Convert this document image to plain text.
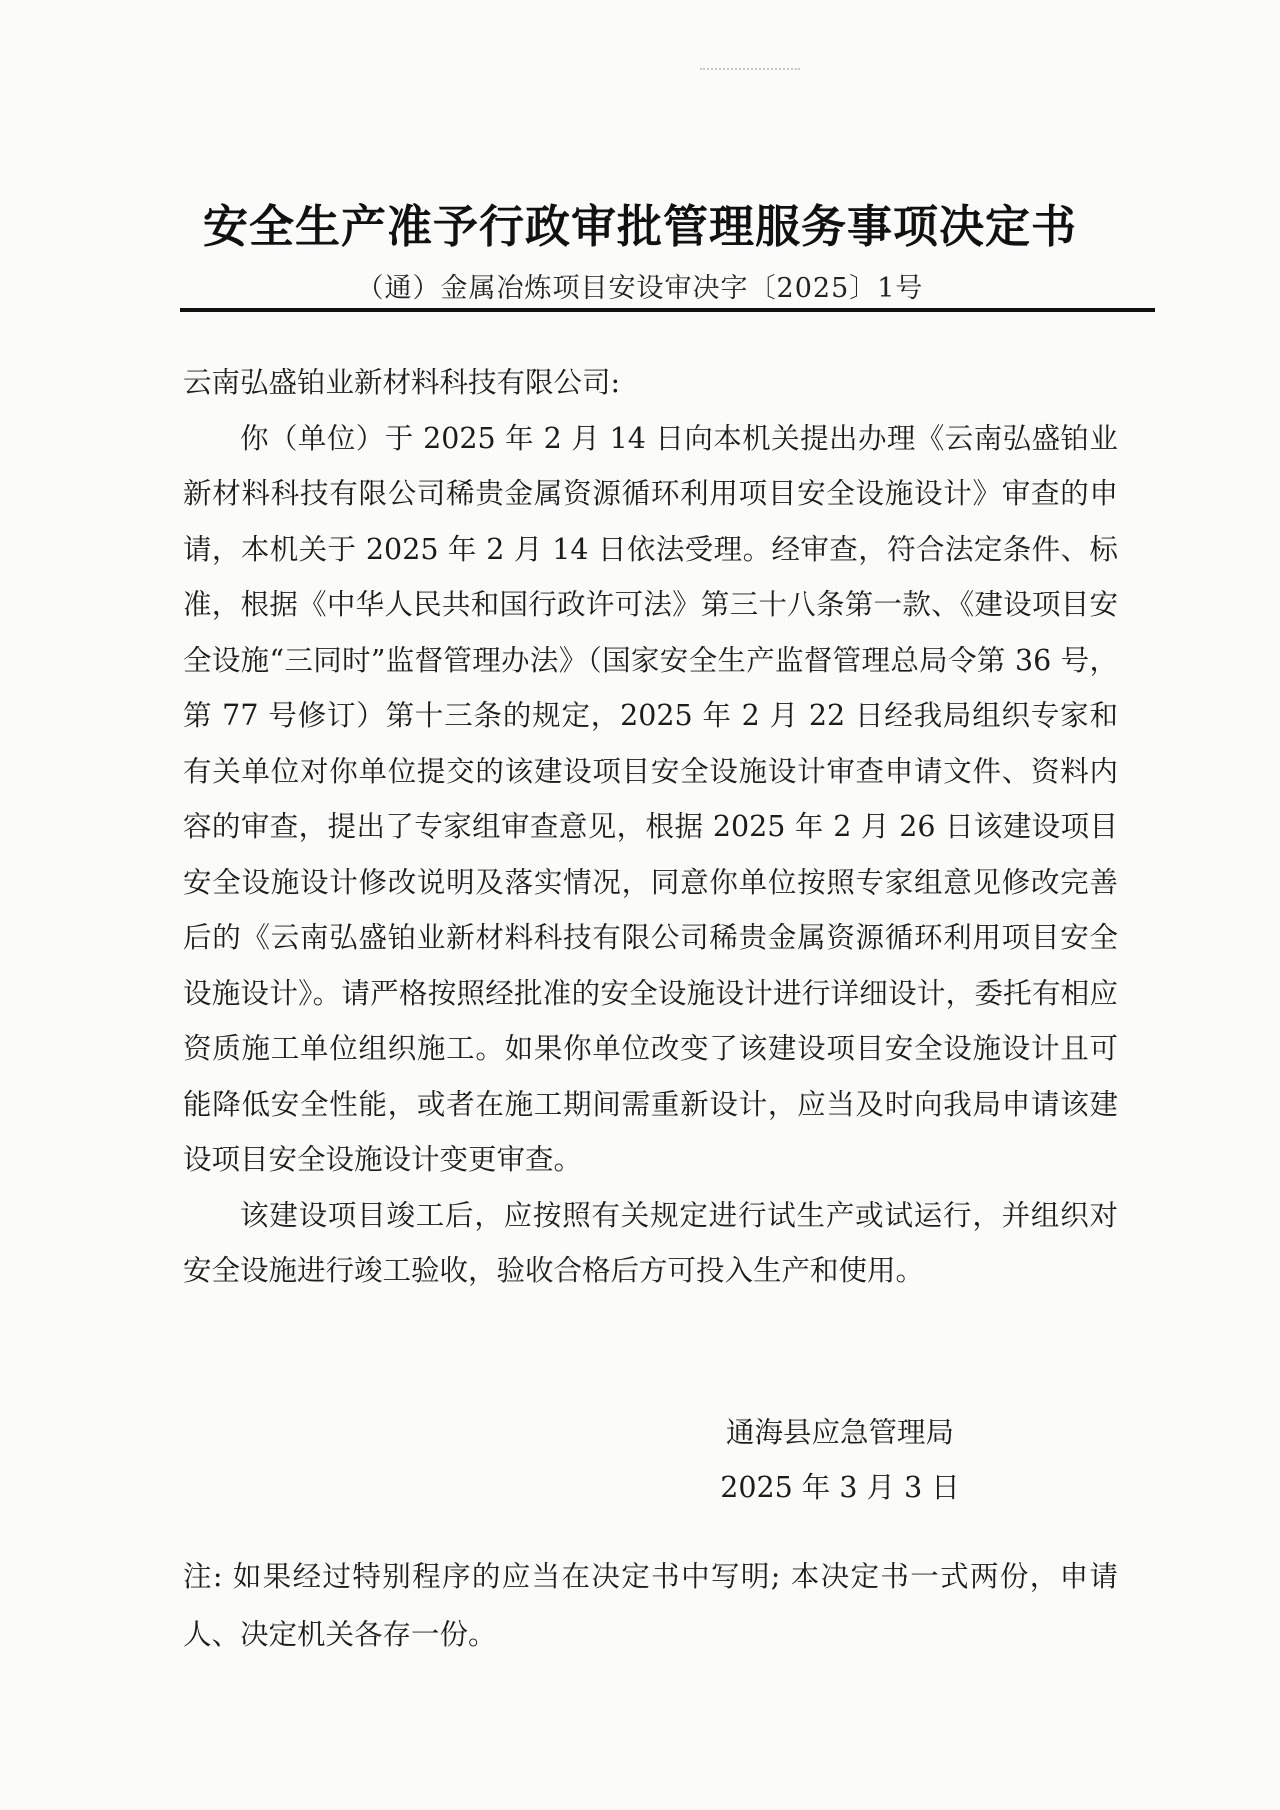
安全生产准予行政审批管理服务事项决定书
（通）金属冶炼项目安设审决字〔2025〕1号

云南弘盛铂业新材料科技有限公司:

你（单位）于 2025 年 2 月 14 日向本机关提出办理《云南弘盛铂业新材料科技有限公司稀贵金属资源循环利用项目安全设施设计》审查的申请，本机关于 2025 年 2 月 14 日依法受理。经审查，符合法定条件、标准，根据《中华人民共和国行政许可法》第三十八条第一款、《建设项目安全设施“三同时”监督管理办法》（国家安全生产监督管理总局令第 36 号，第 77 号修订）第十三条的规定，2025 年 2 月 22 日经我局组织专家和有关单位对你单位提交的该建设项目安全设施设计审查申请文件、资料内容的审查，提出了专家组审查意见，根据 2025 年 2 月 26 日该建设项目安全设施设计修改说明及落实情况，同意你单位按照专家组意见修改完善后的《云南弘盛铂业新材料科技有限公司稀贵金属资源循环利用项目安全设施设计》。请严格按照经批准的安全设施设计进行详细设计，委托有相应资质施工单位组织施工。如果你单位改变了该建设项目安全设施设计且可能降低安全性能，或者在施工期间需重新设计，应当及时向我局申请该建设项目安全设施设计变更审查。

该建设项目竣工后，应按照有关规定进行试生产或试运行，并组织对安全设施进行竣工验收，验收合格后方可投入生产和使用。

通海县应急管理局
2025 年 3 月 3 日
注: 如果经过特别程序的应当在决定书中写明; 本决定书一式两份，申请人、决定机关各存一份。
